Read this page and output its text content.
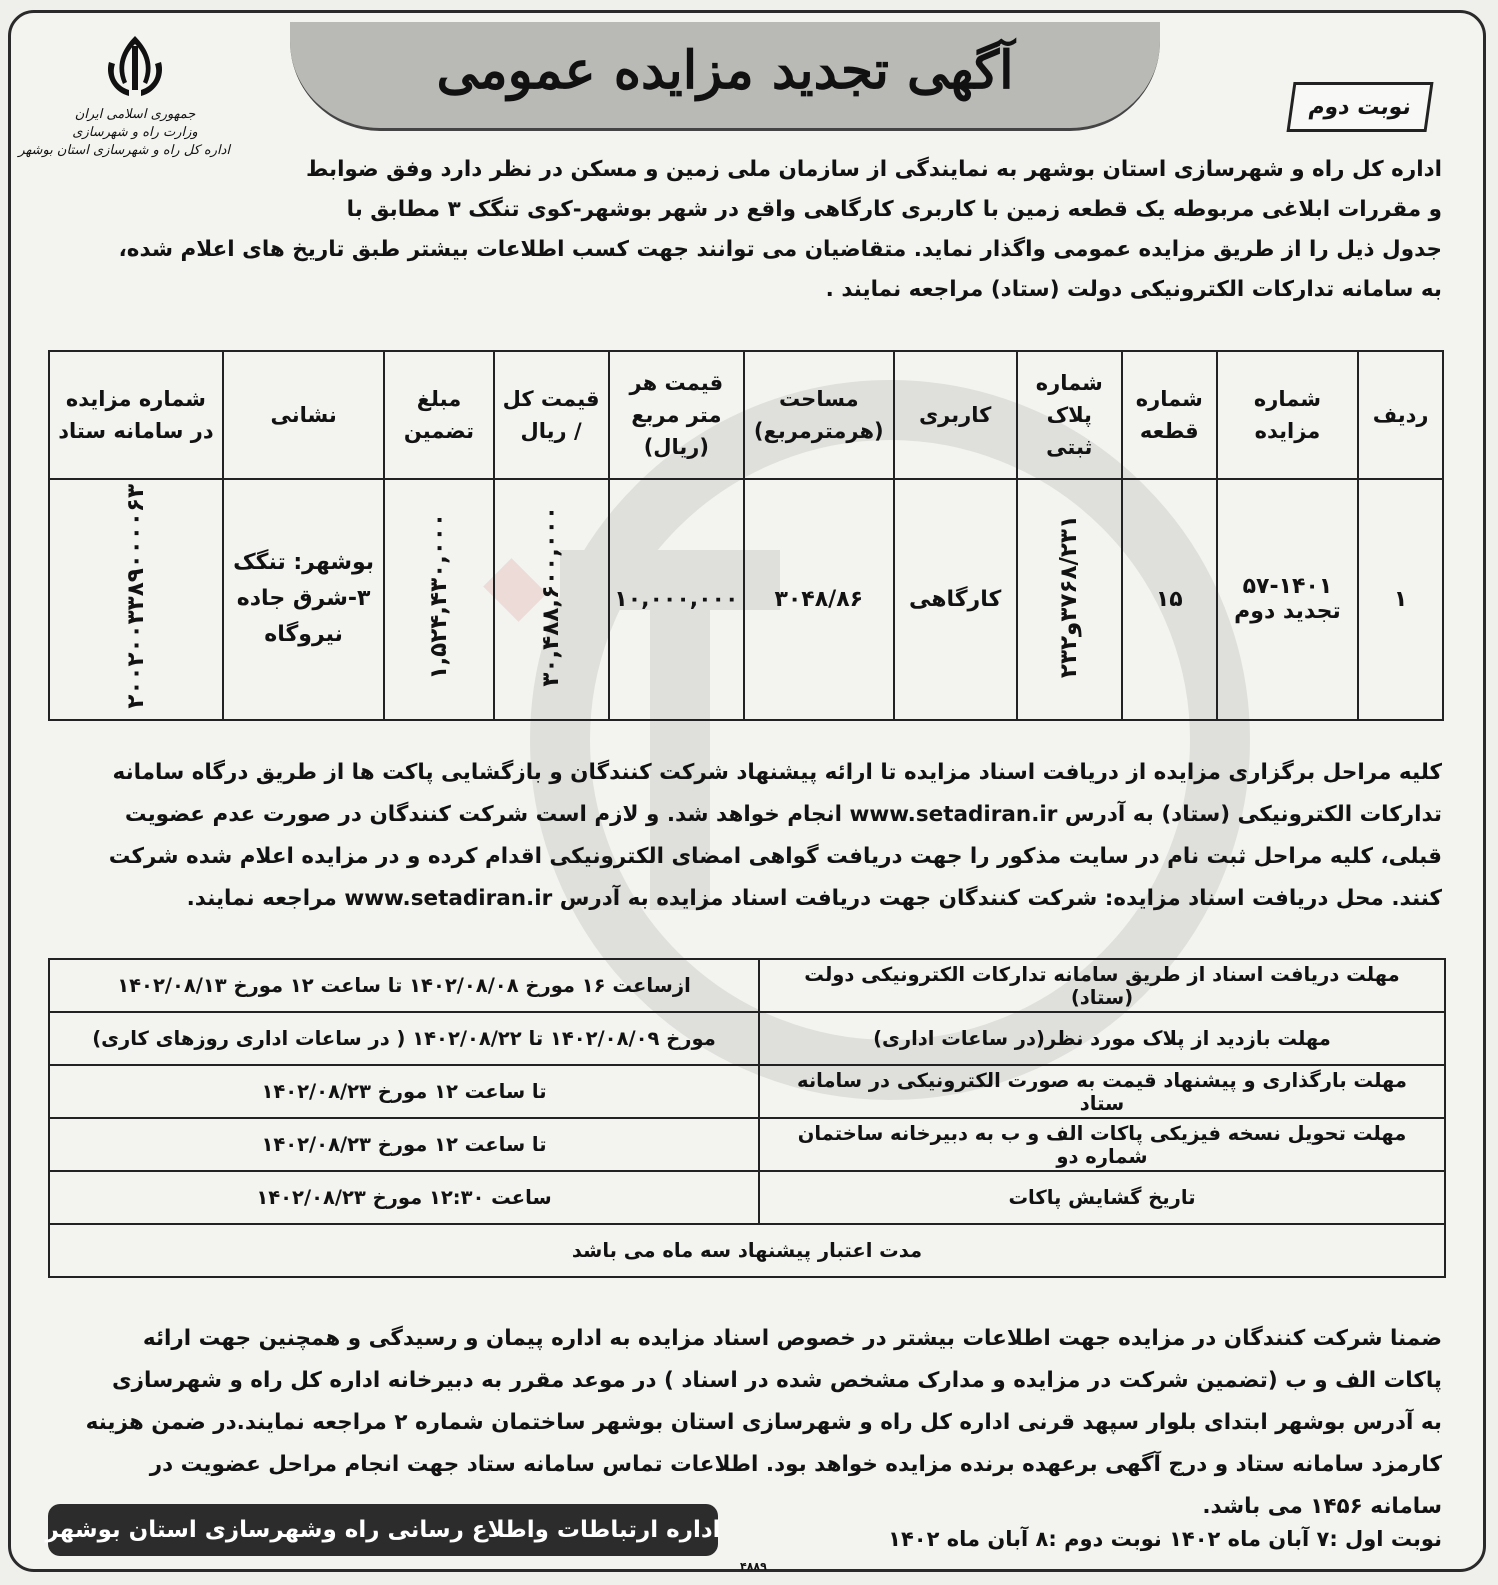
آگهی تجدید مزایده عمومی
نوبت دوم
جمهوری اسلامی ایران
وزارت راه و شهرسازی
اداره کل راه و شهرسازی استان بوشهر

اداره کل راه و شهرسازی استان بوشهر به نمایندگی از سازمان ملی زمین و مسکن در نظر دارد وفق ضوابط

و مقررات ابلاغی مربوطه یک قطعه زمین با کاربری کارگاهی واقع در شهر بوشهر-کوی تنگک ۳ مطابق با

جدول ذیل را از طریق مزایده عمومی واگذار نماید. متقاضیان می توانند جهت کسب اطلاعات بیشتر طبق تاریخ های اعلام شده،

به سامانه تدارکات الکترونیکی دولت (ستاد) مراجعه نمایند .

ردیف	شماره مزایده	شماره قطعه	شماره پلاک ثبتی	کاربری	مساحت (هرمترمربع)	قیمت هر متر مربع (ریال)	قیمت کل / ریال	مبلغ تضمین	نشانی	شماره مزایده در سامانه ستاد
۱	۵۷-۱۴۰۱
تجدید دوم	۱۵	۳۷۶۸/۲۳۱و۲۳۲	کارگاهی	۳۰۴۸/۸۶	۱۰,۰۰۰,۰۰۰	۳۰,۴۸۸,۶۰۰,۰۰۰	۱,۵۲۴,۴۳۰,۰۰۰	بوشهر: تنگک ۳-شرق جاده نیروگاه	۲۰۰۲۰۰۳۳۸۹۰۰۰۰۶۳

کلیه مراحل برگزاری مزایده از دریافت اسناد مزایده تا ارائه پیشنهاد شرکت کنندگان و بازگشایی پاکت ها از طریق درگاه سامانه

تدارکات الکترونیکی (ستاد) به آدرس www.setadiran.ir انجام خواهد شد. و لازم است شرکت کنندگان در صورت عدم عضویت

قبلی، کلیه مراحل ثبت نام در سایت مذکور را جهت دریافت گواهی امضای الکترونیکی اقدام کرده و در مزایده اعلام شده شرکت

کنند. محل دریافت اسناد مزایده: شرکت کنندگان جهت دریافت اسناد مزایده به آدرس www.setadiran.ir مراجعه نمایند.

مهلت دریافت اسناد از طریق سامانه تدارکات الکترونیکی دولت (ستاد)	ازساعت ۱۶ مورخ ۱۴۰۲/۰۸/۰۸ تا ساعت ۱۲ مورخ ۱۴۰۲/۰۸/۱۳
مهلت بازدید از پلاک مورد نظر(در ساعات اداری)	مورخ ۱۴۰۲/۰۸/۰۹ تا ۱۴۰۲/۰۸/۲۲ ( در ساعات اداری روزهای کاری)
مهلت بارگذاری و پیشنهاد قیمت به صورت الکترونیکی در سامانه ستاد	تا ساعت ۱۲ مورخ ۱۴۰۲/۰۸/۲۳
مهلت تحویل نسخه فیزیکی پاکات الف و ب به دبیرخانه ساختمان شماره دو	تا ساعت ۱۲ مورخ ۱۴۰۲/۰۸/۲۳
تاریخ گشایش پاکات	ساعت ۱۲:۳۰ مورخ ۱۴۰۲/۰۸/۲۳
مدت اعتبار پیشنهاد سه ماه می باشد	

ضمنا شرکت کنندگان در مزایده جهت اطلاعات بیشتر در خصوص اسناد مزایده به اداره پیمان و رسیدگی و همچنین جهت ارائه

پاکات الف و ب (تضمین شرکت در مزایده و مدارک مشخص شده در اسناد ) در موعد مقرر به دبیرخانه اداره کل راه و شهرسازی

به آدرس بوشهر ابتدای بلوار سپهد قرنی اداره کل راه و شهرسازی استان بوشهر ساختمان شماره ۲ مراجعه نمایند.در ضمن هزینه

کارمزد سامانه ستاد و درج آگهی برعهده برنده مزایده خواهد بود. اطلاعات تماس سامانه ستاد جهت انجام مراحل عضویت در

سامانه ۱۴۵۶ می باشد.

نوبت اول :۷ آبان ماه ۱۴۰۲ نوبت دوم :۸ آبان ماه ۱۴۰۲
اداره ارتباطات واطلاع رسانی راه وشهرسازی استان بوشهر
۴۸۸۹
